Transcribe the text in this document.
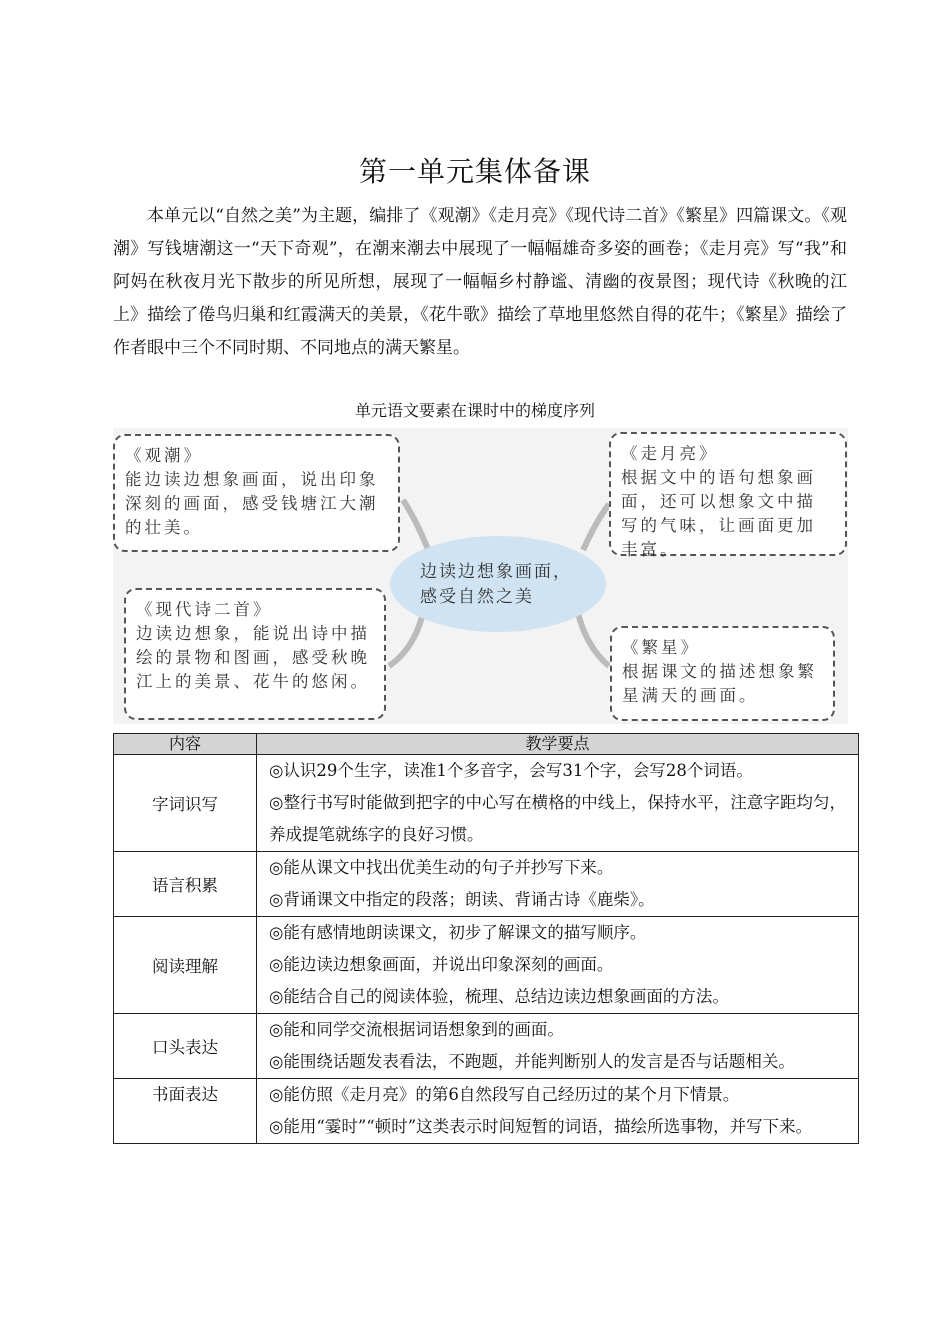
第一单元集体备课

本单元以“自然之美”为主题，编排了《观潮》《走月亮》《现代诗二首》《繁星》四篇课文。《观潮》写钱塘潮这一“天下奇观”，在潮来潮去中展现了一幅幅雄奇多姿的画卷；《走月亮》写“我”和阿妈在秋夜月光下散步的所见所想，展现了一幅幅乡村静谧、清幽的夜景图；现代诗《秋晚的江上》描绘了倦鸟归巢和红霞满天的美景，《花牛歌》描绘了草地里悠然自得的花牛；《繁星》描绘了作者眼中三个不同时期、不同地点的满天繁星。

单元语文要素在课时中的梯度序列
《观潮》
能边读边想象画面，说出印象深刻的画面，感受钱塘江大潮的壮美。
《走月亮》
根据文中的语句想象画面，还可以想象文中描写的气味，让画面更加丰富。
《现代诗二首》
边读边想象，能说出诗中描绘的景物和图画，感受秋晚江上的美景、花牛的悠闲。
《繁星》
根据课文的描述想象繁星满天的画面。
边读边想象画面，
感受自然之美
内容	教学要点
字词识写	◎认识29个生字，读准1个多音字，会写31个字，会写28个词语。
◎整行书写时能做到把字的中心写在横格的中线上，保持水平，注意字距均匀，养成提笔就练字的良好习惯。

语言积累	◎能从课文中找出优美生动的句子并抄写下来。
◎背诵课文中指定的段落；朗读、背诵古诗《鹿柴》。

阅读理解	◎能有感情地朗读课文，初步了解课文的描写顺序。
◎能边读边想象画面，并说出印象深刻的画面。
◎能结合自己的阅读体验，梳理、总结边读边想象画面的方法。

口头表达	◎能和同学交流根据词语想象到的画面。
◎能围绕话题发表看法，不跑题，并能判断别人的发言是否与话题相关。

书面表达	◎能仿照《走月亮》的第6自然段写自己经历过的某个月下情景。
◎能用“霎时”“顿时”这类表示时间短暂的词语，描绘所选事物，并写下来。
